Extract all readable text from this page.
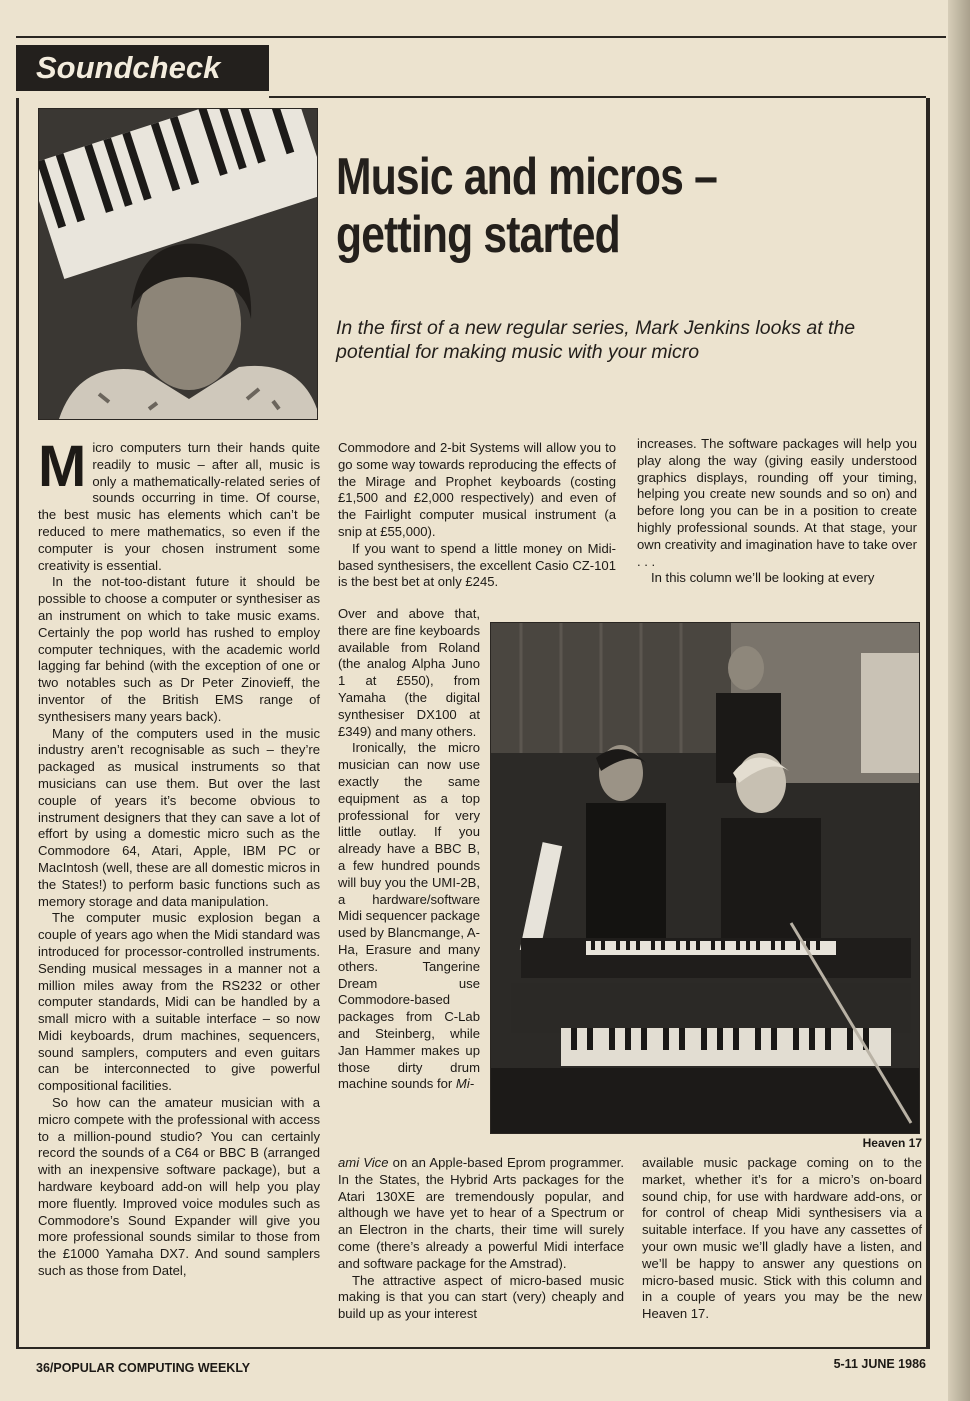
Soundcheck
Music and micros –
getting started

In the first of a new regular series, Mark Jenkins looks at the potential for making music with your micro

Micro computers turn their hands quite readily to music – after all, music is only a mathematically-related series of sounds occurring in time. Of course, the best music has elements which can’t be reduced to mere mathematics, so even if the computer is your chosen instrument some creativity is essential.

In the not-too-distant future it should be possible to choose a computer or synthesiser as an instrument on which to take music exams. Certainly the pop world has rushed to employ computer techniques, with the academic world lagging far behind (with the exception of one or two notables such as Dr Peter Zinovieff, the inventor of the British EMS range of synthesisers many years back).

Many of the computers used in the music industry aren’t recognisable as such – they’re packaged as musical instruments so that musicians can use them. But over the last couple of years it’s become obvious to instrument designers that they can save a lot of effort by using a domestic micro such as the Commodore 64, Atari, Apple, IBM PC or MacIntosh (well, these are all domestic micros in the States!) to perform basic functions such as memory storage and data manipulation.

The computer music explosion began a couple of years ago when the Midi standard was introduced for processor-controlled instruments. Sending musical messages in a manner not a million miles away from the RS232 or other computer standards, Midi can be handled by a small micro with a suitable interface – so now Midi keyboards, drum machines, sequencers, sound samplers, computers and even guitars can be interconnected to give powerful compositional facilities.

So how can the amateur musician with a micro compete with the professional with access to a million-pound studio? You can certainly record the sounds of a C64 or BBC B (arranged with an inexpensive software package), but a hardware keyboard add-on will help you play more fluently. Improved voice modules such as Commodore’s Sound Expander will give you more professional sounds similar to those from the £1000 Yamaha DX7. And sound samplers such as those from Datel,

Commodore and 2-bit Systems will allow you to go some way towards reproducing the effects of the Mirage and Prophet keyboards (costing £1,500 and £2,000 respectively) and even of the Fairlight computer musical instrument (a snip at £55,000).

If you want to spend a little money on Midi-based synthesisers, the excellent Casio CZ-101 is the best bet at only £245.

Over and above that, there are fine keyboards available from Roland (the analog Alpha Juno 1 at £550), from Yamaha (the digital synthesiser DX100 at £349) and many others.

Ironically, the micro musician can now use exactly the same equipment as a top professional for very little outlay. If you already have a BBC B, a few hundred pounds will buy you the UMI-2B, a hardware/software Midi sequencer package used by Blancmange, A-Ha, Erasure and many others. Tangerine Dream use Commodore-based packages from C-Lab and Steinberg, while Jan Hammer makes up those dirty drum machine sounds for Mi-

Heaven 17

ami Vice on an Apple-based Eprom programmer. In the States, the Hybrid Arts packages for the Atari 130XE are tremendously popular, and although we have yet to hear of a Spectrum or an Electron in the charts, their time will surely come (there’s already a powerful Midi interface and software package for the Amstrad).

The attractive aspect of micro-based music making is that you can start (very) cheaply and build up as your interest

increases. The software packages will help you play along the way (giving easily understood graphics displays, rounding off your timing, helping you create new sounds and so on) and before long you can be in a position to create highly professional sounds. At that stage, your own creativity and imagination have to take over . . .

In this column we’ll be looking at every

available music package coming on to the market, whether it’s for a micro’s on-board sound chip, for use with hardware add-ons, or for control of cheap Midi synthesisers via a suitable interface. If you have any cassettes of your own music we’ll gladly have a listen, and we’ll be happy to answer any questions on micro-based music. Stick with this column and in a couple of years you may be the new Heaven 17.

36/POPULAR COMPUTING WEEKLY	5-11 JUNE 1986
